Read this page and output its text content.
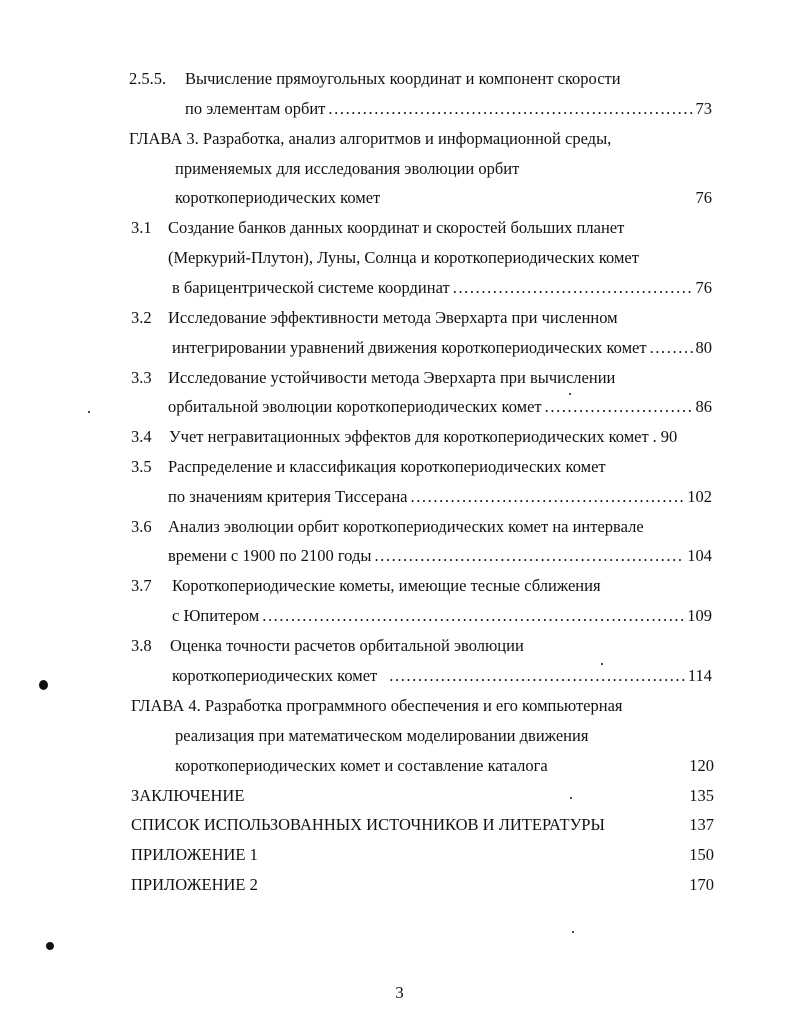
2.5.5. Вычисление прямоугольных координат и компонент скорости
по элементам орбит .....	73
ГЛАВА 3. Разработка, анализ алгоритмов и информационной среды,
применяемых для исследования эволюции орбит
короткопериодических комет	76
3.1 Создание банков данных координат и скоростей больших планет
(Меркурий-Плутон), Луны, Солнца и короткопериодических комет
в барицентрической системе координат .....	76
3.2 Исследование эффективности метода Эверхарта при численном
интегрировании уравнений движения короткопериодических комет .....	80
3.3 Исследование устойчивости метода Эверхарта при вычислении
орбитальной эволюции короткопериодических комет .....	86
3.4	Учет негравитационных эффектов для короткопериодических комет . 90
3.5 Распределение и классификация короткопериодических комет
по значениям критерия Тиссерана .....	102
3.6 Анализ эволюции орбит короткопериодических комет на интервале
времени с 1900 по 2100 годы .....	104
3.7 Короткопериодические кометы, имеющие тесные сближения
с Юпитером .....	109
3.8 Оценка точности расчетов орбитальной эволюции
короткопериодических комет .....	114
ГЛАВА 4. Разработка программного обеспечения и его компьютерная
реализация при математическом моделировании движения
короткопериодических комет и составление каталога	120
ЗАКЛЮЧЕНИЕ	135
СПИСОК ИСПОЛЬЗОВАННЫХ ИСТОЧНИКОВ И ЛИТЕРАТУРЫ	137
ПРИЛОЖЕНИЕ 1	150
ПРИЛОЖЕНИЕ 2	170
3
